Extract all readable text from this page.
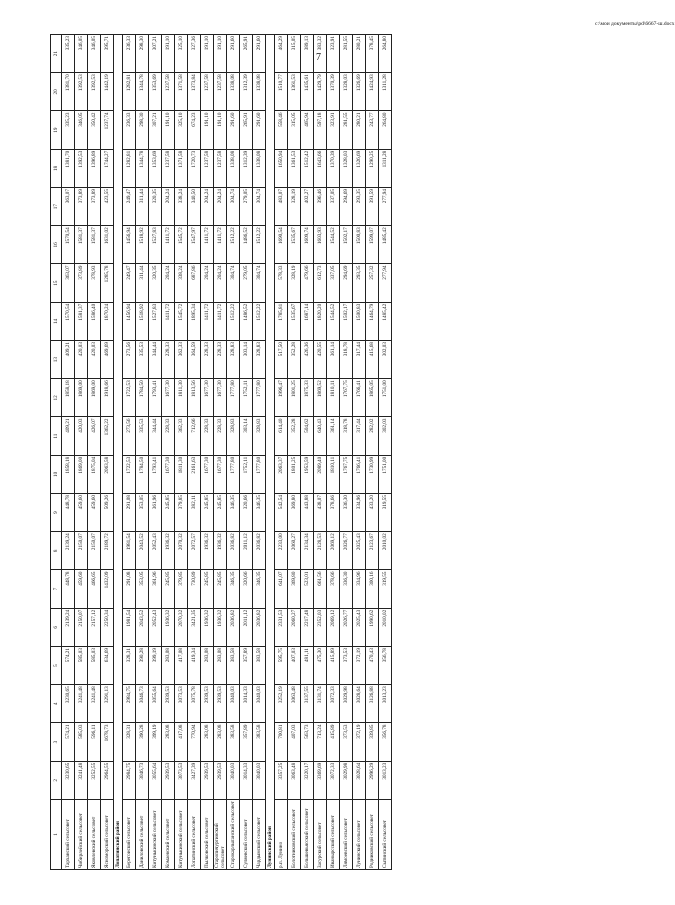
7
1	2	3	4	5	6	7	8	9	10	11	12	13	14	15	16	17	18	19	20	21
Тарханский сельсовет	3230,65	574,21	3230,65	574,21	2139,24	448,78	2139,24	448,78	1858,18	409,21	1858,18	409,21	1570,54	363,07	1570,54	363,07	1381,70	335,23	1381,70	335,23
Чибирлейский сельсовет	3241,48	585,03	3241,48	585,03	2150,07	459,60	2150,07	459,60	1869,00	420,03	1869,00	420,03	1581,37	373,89	1581,37	373,89	1392,53	346,05	1392,53	346,05
Яковлевский сельсовет	3252,55	596,11	3241,48	585,03	2157,12	466,65	2150,07	459,60	1875,04	426,07	1869,00	420,03	1586,40	378,93	1581,37	373,89	1396,89	350,42	1392,53	346,05
Ясноморский сельсовет	2964,55	1678,73	3291,13	634,69	2250,34	1432,09	2189,72	509,26	2063,58	1362,22	1918,66	469,69	1870,24	1285,78	1631,02	423,55	1744,27	1237,74	1442,19	395,71
Лопатинский район																				
Берегоиский сельсовет	2984,75	328,31	2984,75	328,31	1981,54	291,08	1981,54	291,08	1722,53	273,56	1722,53	273,56	1456,94	249,47	1456,94	249,47	1282,81	236,33	1282,81	236,33
Даниловский сельсовет	3046,73	390,28	3046,73	390,28	2043,52	353,05	2043,52	353,05	1784,50	335,53	1784,50	335,53	1518,92	311,44	1518,92	311,44	1344,78	298,30	1344,78	298,30
Китунькинский сельсовет	3055,64	399,19	3055,64	399,19	2052,43	361,96	2052,43	361,96	1793,41	344,44	1793,41	344,44	1527,83	320,35	1527,83	320,35	1353,69	307,21	1353,69	307,21
Комаевский сельсовет	2939,53	283,08	2939,53	283,08	1936,32	245,85	1936,32	245,85	1677,30	228,33	1677,30	228,33	1411,72	204,24	1411,72	204,24	1237,58	191,10	1237,58	191,10
Китунькинский сельсовет	3073,53	417,08	3073,53	417,08	2070,32	379,85	2070,32	379,85	1811,30	362,33	1811,30	362,33	1545,72	338,24	1545,72	338,24	1371,58	325,10	1371,58	325,10
Лопатинский сельсовет	3427,39	770,94	3075,78	419,34	3421,35	730,89	2072,57	382,11	2161,63	712,66	1813,56	364,59	1895,34	687,86	1547,97	340,50	1720,73	674,23	1373,84	327,36
Пылковский сельсовет	2939,53	283,08	2939,53	283,08	1936,32	245,85	1936,32	245,85	1677,30	228,33	1677,30	228,33	1411,72	204,24	1411,72	204,24	1237,58	191,10	1237,58	191,10
Старопичургинский сельсовет	2939,53	283,08	2939,53	283,08	1936,32	245,85	1936,32	245,85	1677,30	228,33	1677,30	228,33	1411,72	204,24	1411,72	204,24	1237,58	191,10	1237,58	191,10
Старокарлыганский сельсовет	3040,03	383,58	3040,03	383,58	2036,82	346,35	2036,82	346,35	1777,80	328,83	1777,80	328,83	1512,22	304,74	1512,22	304,74	1338,08	291,60	1338,08	291,60
Суляевский сельсовет	3014,33	357,89	3014,33	357,89	2011,12	320,66	2011,12	320,66	1752,11	303,14	1752,11	303,14	1486,52	279,05	1486,52	279,05	1312,39	265,91	1312,39	265,91
Чардымский сельсовет	3040,03	383,58	3040,03	383,58	2036,82	346,35	2036,82	346,35	1777,80	328,83	1777,80	328,83	1512,22	304,74	1512,22	304,74	1338,08	291,60	1338,08	291,60
Лунинский район																				
р.п. Лунино	3357,25	700,81	3252,19	595,75	2331,53	641,07	2233,00	542,54	2063,37	614,40	1996,47	517,50	1785,81	578,33	1690,54	483,07	1650,94	558,46	1510,77	464,29
Болотниковский сельсовет	3063,48	407,03	3063,48	407,03	2060,27	369,80	2060,27	369,80	1801,25	352,28	1801,25	352,28	1535,67	328,19	1535,67	328,19	1361,53	315,05	1361,53	315,05
Большевьясский сельсовет	3220,17	563,73	3137,55	481,11	2217,48	523,01	2134,34	443,88	1953,59	504,62	1875,33	426,36	1687,14	479,66	1609,74	402,27	1512,42	465,94	1435,61	389,13
Засурский сельсовет	3369,69	713,24	3131,74	475,30	2352,03	661,56	2128,53	438,07	2089,40	640,43	1869,52	420,55	1820,20	612,73	1603,93	396,46	1643,66	597,18	1429,79	383,32
Иванырсский сельсовет	3072,33	415,89	3072,33	415,89	2069,12	378,66	2069,12	378,66	1810,11	361,14	1810,11	361,14	1544,52	337,05	1544,52	337,05	1370,39	323,91	1370,39	323,91
Лямоевский сельсовет	3029,98	373,53	3029,98	373,53	2026,77	336,30	2026,77	336,30	1767,75	318,78	1767,75	318,78	1502,17	294,69	1502,17	294,69	1328,03	281,55	1328,03	281,55
Лунинский сельсовет	3028,64	372,19	3028,64	372,19	2025,43	334,96	2025,43	334,96	1766,41	317,44	1766,41	317,44	1500,83	293,35	1500,83	293,35	1326,69	280,21	1326,69	280,21
Родниковский сельсовет	2996,29	339,85	3126,88	470,43	1990,62	300,16	2123,67	433,20	1730,99	282,02	1865,05	415,68	1464,79	257,32	1599,07	391,59	1290,25	243,77	1424,93	378,45
Сытинский сельсовет	3013,23	356,78	3013,23	356,78	2010,02	319,55	2010,02	319,55	1751,00	302,03	1751,00	302,03	1485,42	277,94	1485,42	277,94	1311,28	264,80	1311,28	264,80
c:\мои документы\pd\6667-ш.docx
